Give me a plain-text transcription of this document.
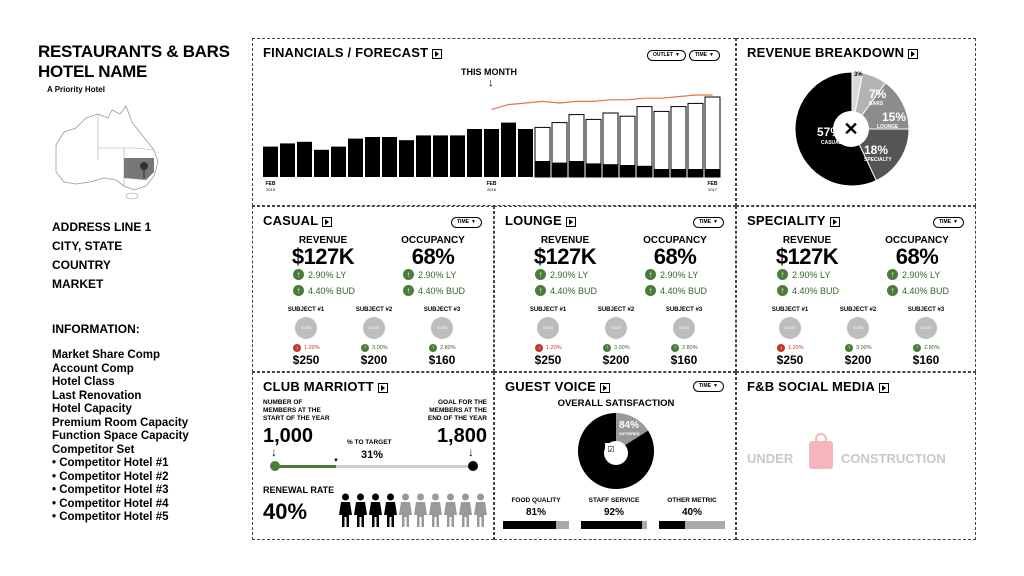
RESTAURANTS & BARS
HOTEL NAME
A Priority Hotel
ADDRESS LINE 1
CITY, STATE
COUNTRY
MARKET
INFORMATION:
Market Share Comp
Account Comp
Hotel Class
Last Renovation
Hotel Capacity
Premium Room Capacity
Function Space Capacity
Competitor Set
• Competitor Hotel #1
• Competitor Hotel #2
• Competitor Hotel #3
• Competitor Hotel #4
• Competitor Hotel #5
FINANCIALS / FORECAST	OUTLET ▼	TIME ▼
THIS MONTH
↓
FEB
2015
FEB
2016
FEB
2017
REVENUE BREAKDOWN
✕
57%
CASUAL
3%
7%
BARS
15%
LOUNGE
18%
SPECIALTY
CASUAL	TIME ▼
REVENUE
$127K
↑ 2.90% LY
↑ 4.40% BUD
OCCUPANCY
68%
↑ 2.90% LY
↑ 4.40% BUD
SUBJECT #1
ICON
↓	1.20%
$250
SUBJECT #2
ICON
↑	3.00%
$200
SUBJECT #3
ICON
↑	2.80%
$160
LOUNGE	TIME ▼
REVENUE
$127K
↑ 2.90% LY
↑ 4.40% BUD
OCCUPANCY
68%
↑ 2.90% LY
↑ 4.40% BUD
SUBJECT #1
ICON
↓	1.20%
$250
SUBJECT #2
ICON
↑	3.00%
$200
SUBJECT #3
ICON
↑	2.80%
$160
SPECIALITY	TIME ▼
REVENUE
$127K
↑ 2.90% LY
↑ 4.40% BUD
OCCUPANCY
68%
↑ 2.90% LY
↑ 4.40% BUD
SUBJECT #1
ICON
↓	1.20%
$250
SUBJECT #2
ICON
↑	3.00%
$200
SUBJECT #3
ICON
↑	2.80%
$160
CLUB MARRIOTT
NUMBER OF MEMBERS AT THE START OF THE YEAR
1,000
GOAL FOR THE MEMBERS AT THE END OF THE YEAR
1,800
% TO TARGET
31%
↓	↓
▼
RENEWAL RATE
40%
GUEST VOICE	TIME ▼
OVERALL SATISFACTION
84%
SATISFIED
☑
FOOD QUALITY
81%
STAFF SERVICE
92%
OTHER METRIC
40%
F&B SOCIAL MEDIA
UNDER	CONSTRUCTION
